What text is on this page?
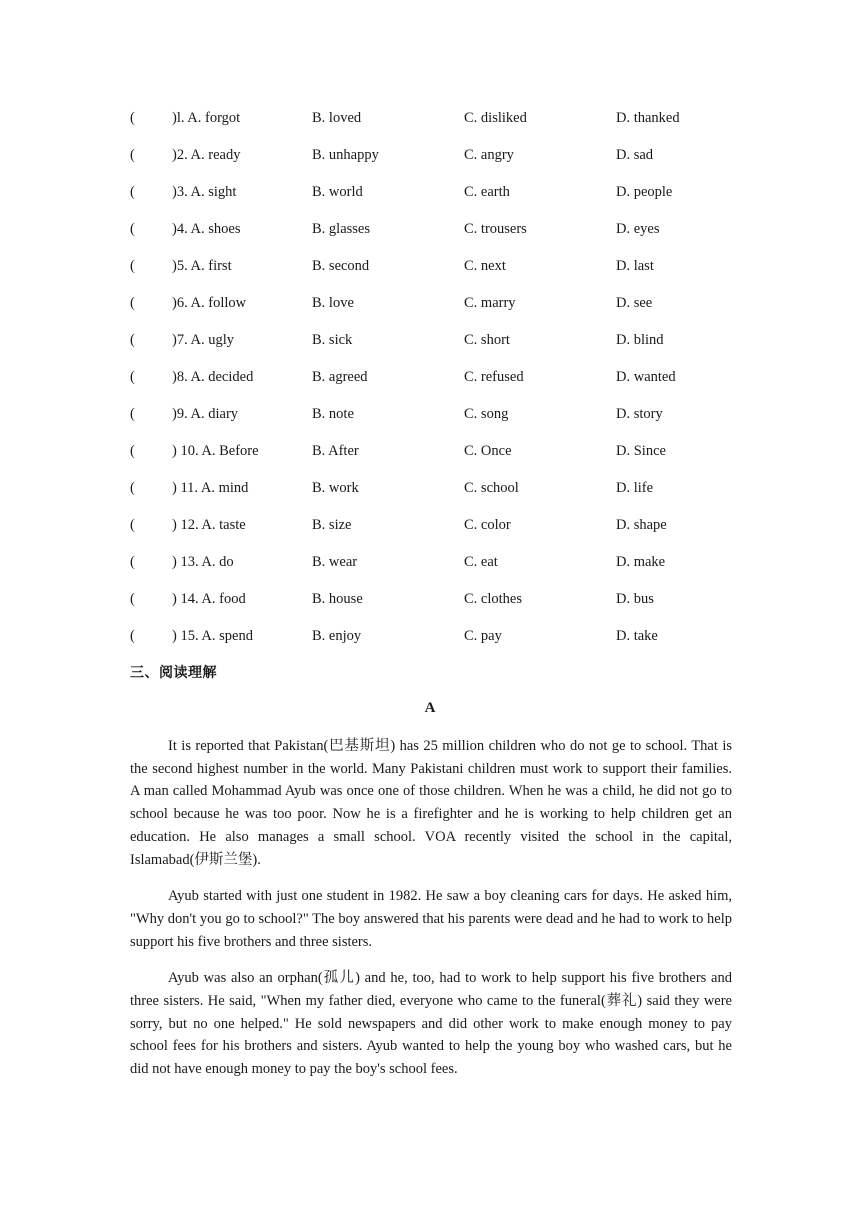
(	)l. A. forgot	B. loved	C. disliked	D. thanked
(	)2. A. ready	B. unhappy	C. angry	D. sad
(	)3. A. sight	B. world	C. earth	D. people
(	)4. A. shoes	B. glasses	C. trousers	D. eyes
(	)5. A. first	B. second	C. next	D. last
(	)6. A. follow	B. love	C. marry	D. see
(	)7. A. ugly	B. sick	C. short	D. blind
(	)8. A. decided	B. agreed	C. refused	D. wanted
(	)9. A. diary	B. note	C. song	D. story
(	) 10. A. Before	B. After	C. Once	D. Since
(	) 11. A. mind	B. work	C. school	D. life
(	) 12. A. taste	B. size	C. color	D. shape
(	) 13. A. do	B. wear	C. eat	D. make
(	) 14. A. food	B. house	C. clothes	D. bus
(	) 15. A. spend	B. enjoy	C. pay	D. take
三、阅读理解
A

It is reported that Pakistan(巴基斯坦) has 25 million children who do not ge to school. That is the second highest number in the world. Many Pakistani children must work to support their families. A man called Mohammad Ayub was once one of those children. When he was a child, he did not go to school because he was too poor. Now he is a firefighter and he is working to help children get an education. He also manages a small school. VOA recently visited the school in the capital, Islamabad(伊斯兰堡).

Ayub started with just one student in 1982. He saw a boy cleaning cars for days. He asked him, "Why don't you go to school?" The boy answered that his parents were dead and he had to work to help support his five brothers and three sisters.

Ayub was also an orphan(孤儿) and he, too, had to work to help support his five brothers and three sisters. He said, "When my father died, everyone who came to the funeral(葬礼) said they were sorry, but no one helped." He sold newspapers and did other work to make enough money to pay school fees for his brothers and sisters. Ayub wanted to help the young boy who washed cars, but he did not have enough money to pay the boy's school fees.
